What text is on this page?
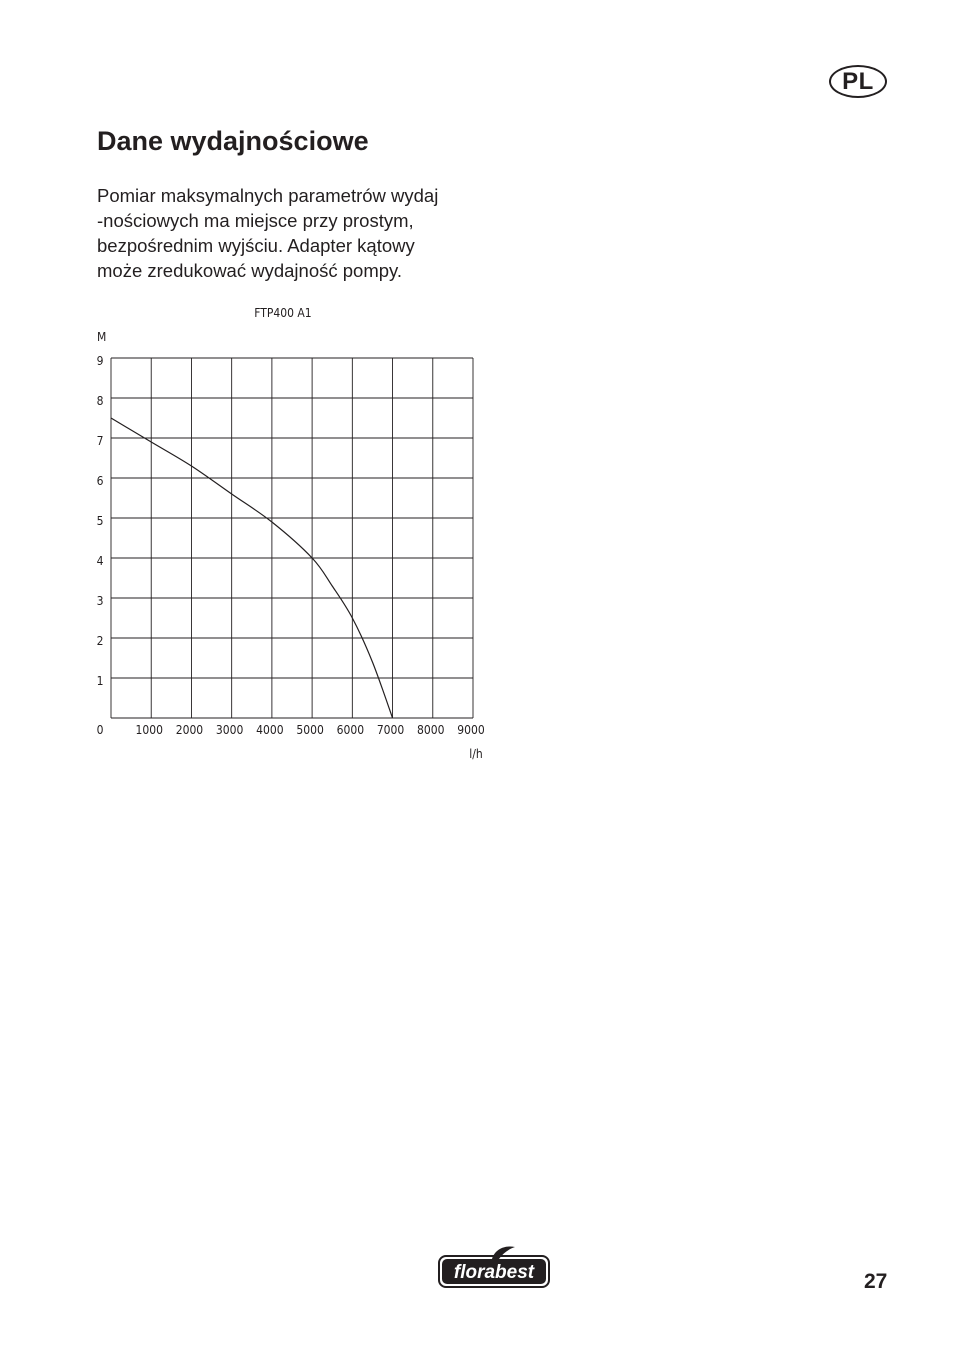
PL
Dane wydajnościowe

Pomiar maksymalnych parametrów wydaj
-nościowych ma miejsce przy prostym,
bezpośrednim wyjściu. Adapter kątowy
może zredukować wydajność pompy.

FTP400 A1
M
l/h
0	1000 2000 3000 4000 5000 6000 7000 8000 9000
1
2
3
4
5
6
7
8
9
florabest	27
